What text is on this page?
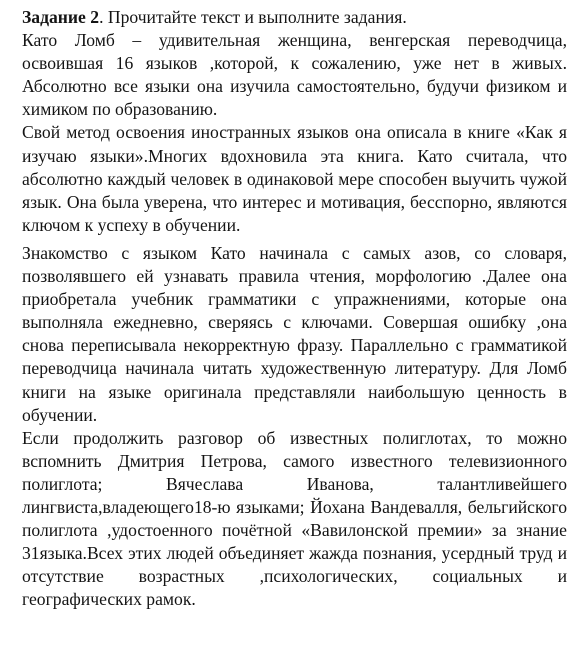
Задание 2. Прочитайте текст и выполните задания.

Като Ломб – удивительная женщина, венгерская переводчица, освоившая 16 языков ,которой, к сожалению, уже нет в живых. Абсолютно все языки она изучила самостоятельно, будучи физиком и химиком по образованию.

Свой метод освоения иностранных языков она описала в книге «Как я изучаю языки».Многих вдохновила эта книга. Като считала, что абсолютно каждый человек в одинаковой мере способен выучить чужой язык. Она была уверена, что интерес и мотивация, бесспорно, являются ключом к успеху в обучении.

Знакомство с языком Като начинала с самых азов, со словаря, позволявшего ей узнавать правила чтения, морфологию .Далее она приобретала учебник грамматики с упражнениями, которые она выполняла ежедневно, сверяясь с ключами. Совершая ошибку ,она снова переписывала некорректную фразу. Параллельно с грамматикой переводчица начинала читать художественную литературу. Для Ломб книги на языке оригинала представляли наибольшую ценность в обучении.

Если продолжить разговор об известных полиглотах, то можно вспомнить Дмитрия Петрова, самого известного телевизионного полиглота; Вячеслава Иванова, талантливейшего лингвиста,владеющего18-ю языками; Йохана Вандевалля, бельгийского полиглота ,удостоенного почётной «Вавилонской премии» за знание 31языка.Всех этих людей объединяет жажда познания, усердный труд и отсутствие возрастных ,психологических, социальных и географических рамок.
